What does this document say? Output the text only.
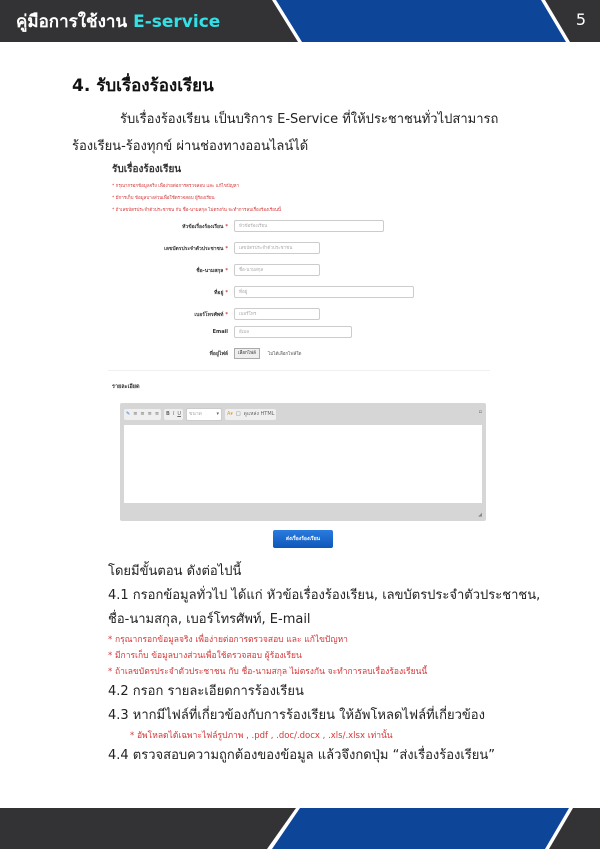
คู่มือการใช้งาน E-service	5
4. รับเรื่องร้องเรียน

รับเรื่องร้องเรียน เป็นบริการ E-Service ที่ให้ประชาชนทั่วไปสามารถ

ร้องเรียน-ร้องทุกข์ ผ่านช่องทางออนไลน์ได้

รับเรื่องร้องเรียน
* กรุณากรอกข้อมูลจริง เพื่อง่ายต่อการตรวจสอบ และ แก้ไขปัญหา
* มีการเก็บ ข้อมูลบางส่วนเพื่อใช้ตรวจสอบ ผู้ร้องเรียน
* ถ้าเลขบัตรประจำตัวประชาชน กับ ชื่อ-นามสกุล ไม่ตรงกัน จะทำการลบเรื่องร้องเรียนนี้
หัวข้อเรื่องร้องเรียน *	หัวข้อร้องเรียน
เลขบัตรประจำตัวประชาชน *	เลขบัตรประจำตัวประชาชน
ชื่อ-นามสกุล *	ชื่อ-นามสกุล
ที่อยู่ *	ที่อยู่
เบอร์โทรศัพท์ *	เบอร์โทร
Email	อีเมล
ที่อยู่ไฟล์	เลือกไฟล์	ไม่ได้เลือกไฟล์ใด
รายละเอียด
✎ ≡ ≡ ≡ ≡ B I U ขนาด	▾ A▾ □ ดูแหล่ง HTML	▫
◢
ส่งเรื่องร้องเรียน
โดยมีขั้นตอน ดังต่อไปนี้
4.1 กรอกข้อมูลทั่วไป ได้แก่ หัวข้อเรื่องร้องเรียน, เลขบัตรประจำตัวประชาชน,
ชื่อ-นามสกุล, เบอร์โทรศัพท์, E-mail
* กรุณากรอกข้อมูลจริง เพื่อง่ายต่อการตรวจสอบ และ แก้ไขปัญหา
* มีการเก็บ ข้อมูลบางส่วนเพื่อใช้ตรวจสอบ ผู้ร้องเรียน
* ถ้าเลขบัตรประจำตัวประชาชน กับ ชื่อ-นามสกุล ไม่ตรงกัน จะทำการลบเรื่องร้องเรียนนี้
4.2 กรอก รายละเอียดการร้องเรียน
4.3 หากมีไฟล์ที่เกี่ยวข้องกับการร้องเรียน ให้อัพโหลดไฟล์ที่เกี่ยวข้อง
* อัพโหลดได้เฉพาะไฟล์รูปภาพ , .pdf , .doc/.docx , .xls/.xlsx เท่านั้น
4.4 ตรวจสอบความถูกต้องของข้อมูล แล้วจึงกดปุ่ม “ส่งเรื่องร้องเรียน”
